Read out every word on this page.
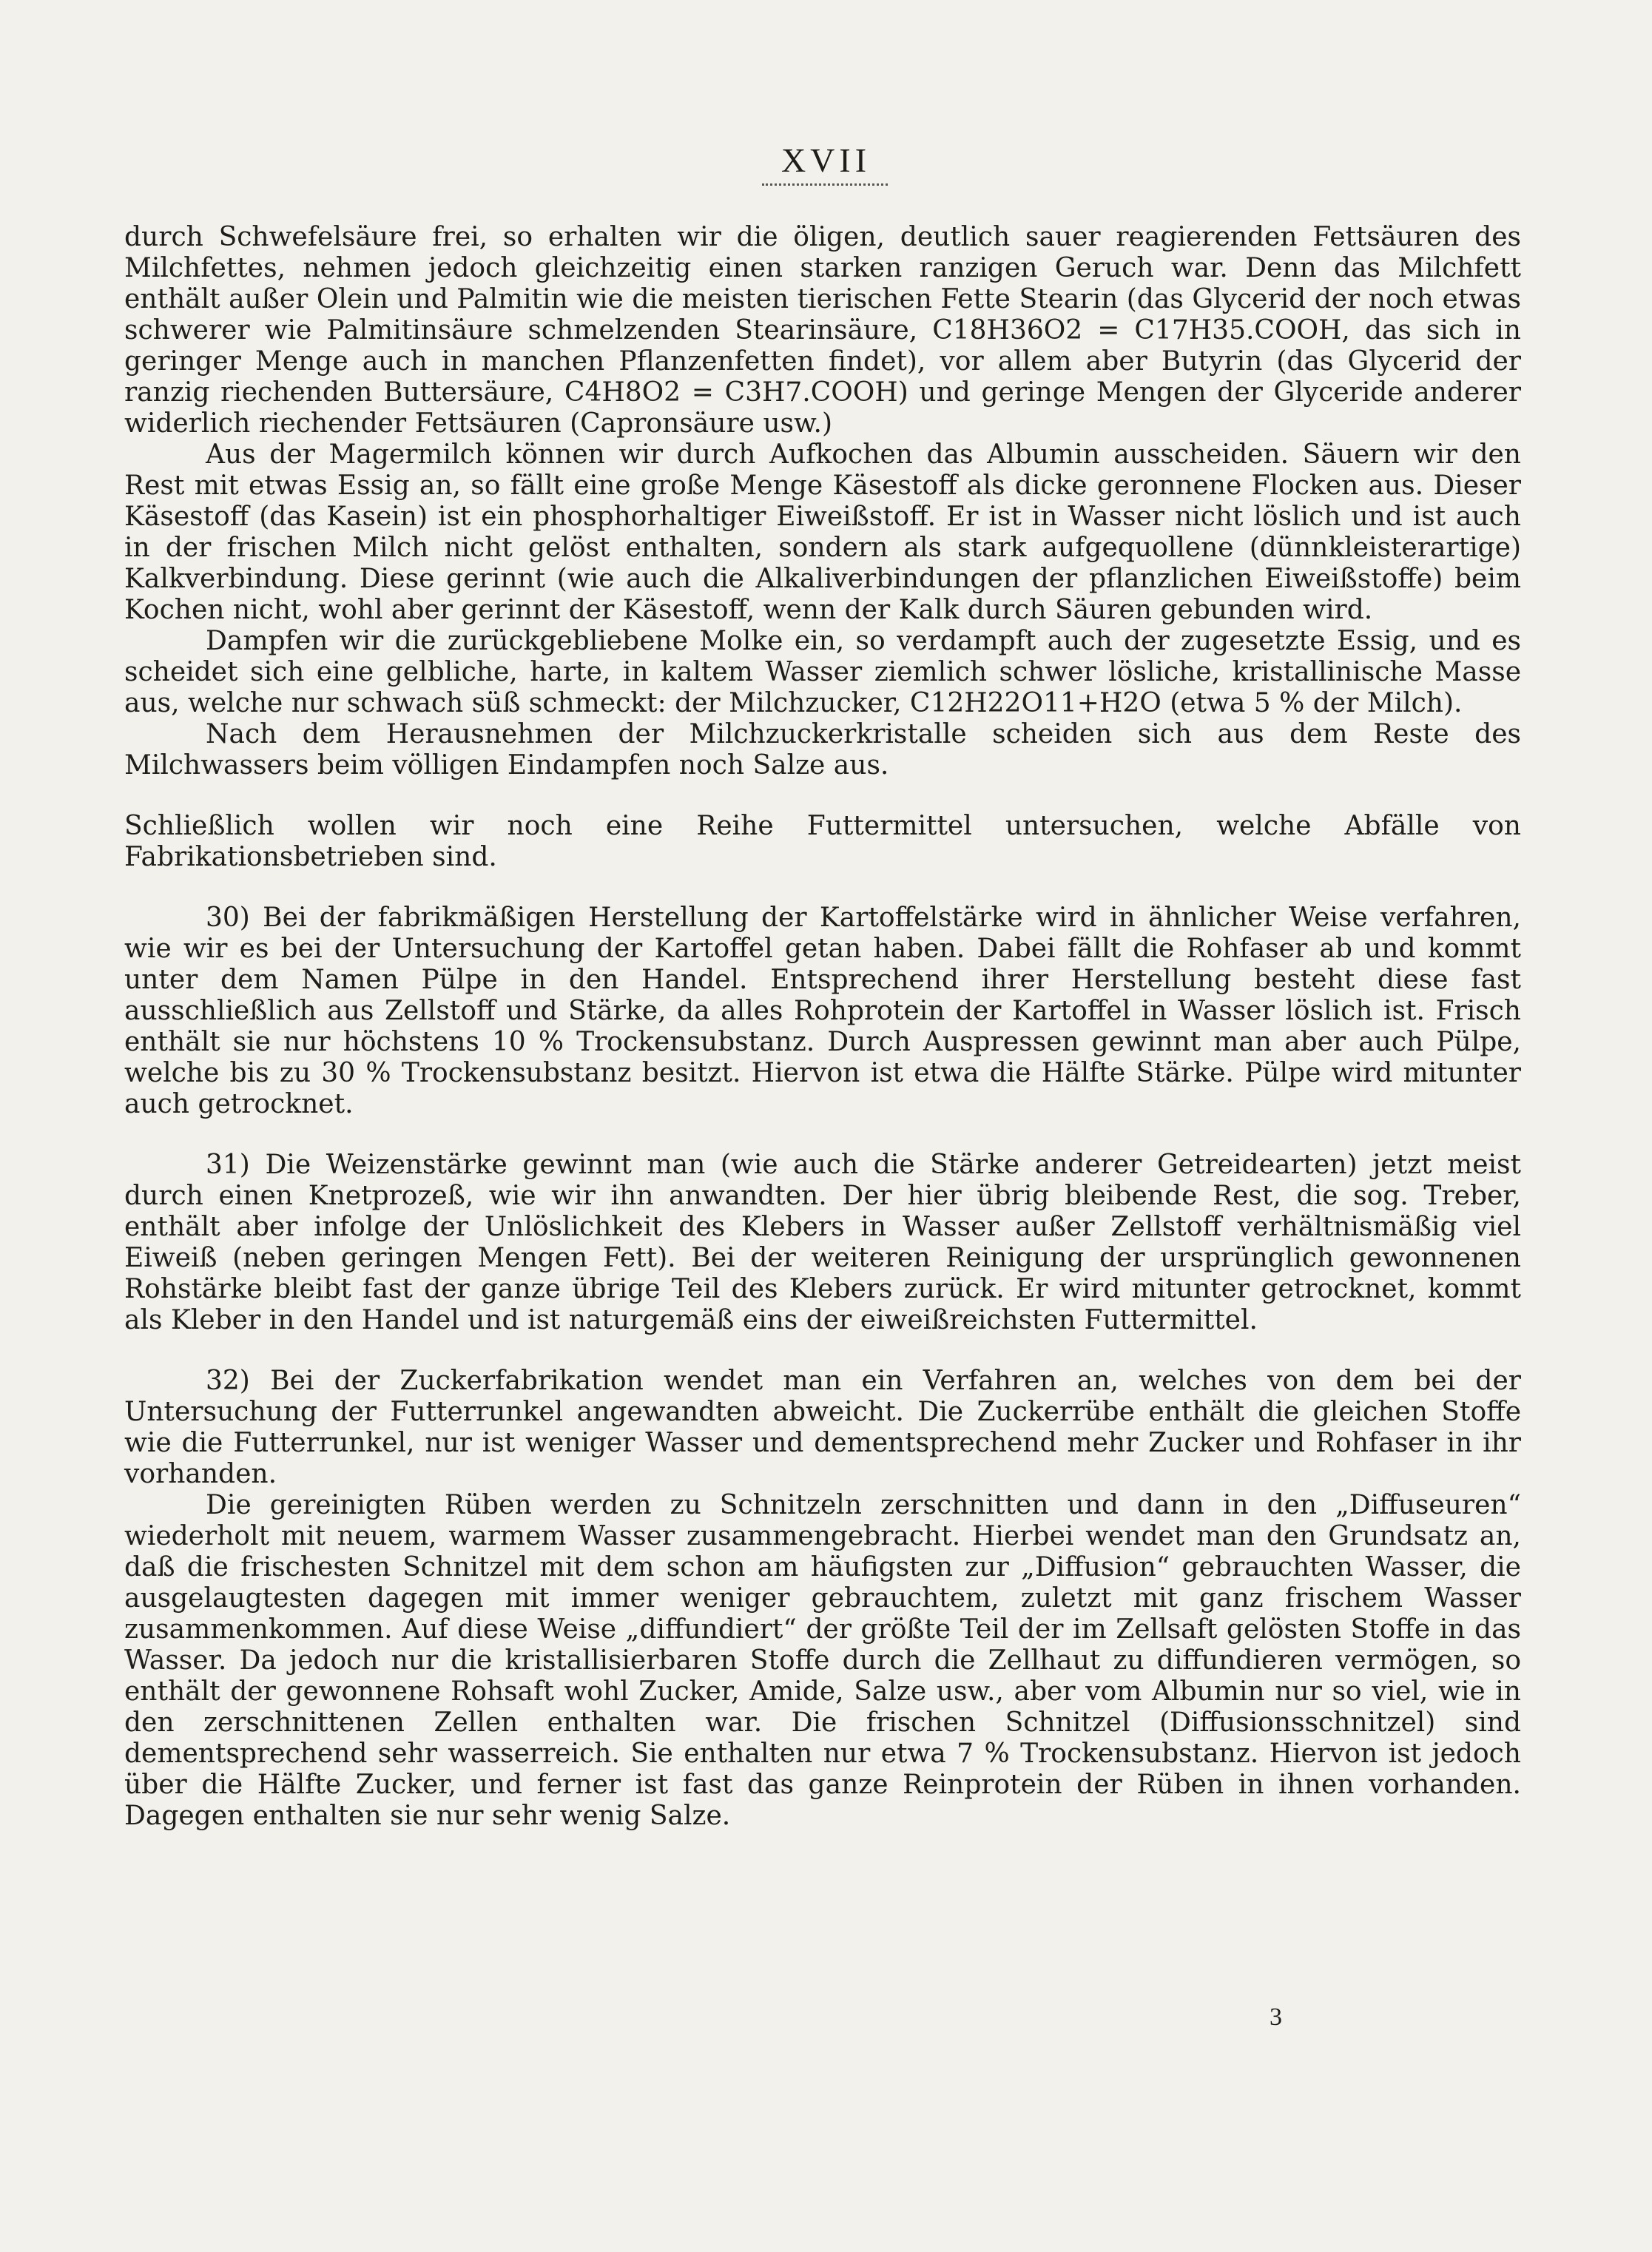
XVII

durch Schwefelsäure frei, so erhalten wir die öligen, deutlich sauer reagierenden Fettsäuren des Milchfettes, nehmen jedoch gleichzeitig einen starken ranzigen Geruch war. Denn das Milchfett enthält außer Olein und Palmitin wie die meisten tierischen Fette Stearin (das Glycerid der noch etwas schwerer wie Palmitinsäure schmelzenden Stearinsäure, C18H36O2 = C17H35.COOH, das sich in geringer Menge auch in manchen Pflanzenfetten findet), vor allem aber Butyrin (das Glycerid der ranzig riechenden Buttersäure, C4H8O2 = C3H7.COOH) und geringe Mengen der Glyceride anderer widerlich riechender Fettsäuren (Capronsäure usw.)

Aus der Magermilch können wir durch Aufkochen das Albumin ausscheiden. Säuern wir den Rest mit etwas Essig an, so fällt eine große Menge Käsestoff als dicke geronnene Flocken aus. Dieser Käsestoff (das Kasein) ist ein phosphorhaltiger Eiweißstoff. Er ist in Wasser nicht löslich und ist auch in der frischen Milch nicht gelöst enthalten, sondern als stark aufgequollene (dünnkleisterartige) Kalkverbindung. Diese gerinnt (wie auch die Alkaliverbindungen der pflanzlichen Eiweißstoffe) beim Kochen nicht, wohl aber gerinnt der Käsestoff, wenn der Kalk durch Säuren gebunden wird.

Dampfen wir die zurückgebliebene Molke ein, so verdampft auch der zugesetzte Essig, und es scheidet sich eine gelbliche, harte, in kaltem Wasser ziemlich schwer lösliche, kristallinische Masse aus, welche nur schwach süß schmeckt: der Milchzucker, C12H22O11+H2O (etwa 5 % der Milch).

Nach dem Herausnehmen der Milchzuckerkristalle scheiden sich aus dem Reste des Milchwassers beim völligen Eindampfen noch Salze aus.

Schließlich wollen wir noch eine Reihe Futtermittel untersuchen, welche Abfälle von Fabrikationsbetrieben sind.

30) Bei der fabrikmäßigen Herstellung der Kartoffelstärke wird in ähnlicher Weise verfahren, wie wir es bei der Untersuchung der Kartoffel getan haben. Dabei fällt die Rohfaser ab und kommt unter dem Namen Pülpe in den Handel. Entsprechend ihrer Herstellung besteht diese fast ausschließlich aus Zellstoff und Stärke, da alles Rohprotein der Kartoffel in Wasser löslich ist. Frisch enthält sie nur höchstens 10 % Trockensubstanz. Durch Auspressen gewinnt man aber auch Pülpe, welche bis zu 30 % Trockensubstanz besitzt. Hiervon ist etwa die Hälfte Stärke. Pülpe wird mitunter auch getrocknet.

31) Die Weizenstärke gewinnt man (wie auch die Stärke anderer Getreidearten) jetzt meist durch einen Knetprozeß, wie wir ihn anwandten. Der hier übrig bleibende Rest, die sog. Treber, enthält aber infolge der Unlöslichkeit des Klebers in Wasser außer Zellstoff verhältnismäßig viel Eiweiß (neben geringen Mengen Fett). Bei der weiteren Reinigung der ursprünglich gewonnenen Rohstärke bleibt fast der ganze übrige Teil des Klebers zurück. Er wird mitunter getrocknet, kommt als Kleber in den Handel und ist naturgemäß eins der eiweißreichsten Futtermittel.

32) Bei der Zuckerfabrikation wendet man ein Verfahren an, welches von dem bei der Untersuchung der Futterrunkel angewandten abweicht. Die Zuckerrübe enthält die gleichen Stoffe wie die Futterrunkel, nur ist weniger Wasser und dementsprechend mehr Zucker und Rohfaser in ihr vorhanden.

Die gereinigten Rüben werden zu Schnitzeln zerschnitten und dann in den „Diffuseuren“ wiederholt mit neuem, warmem Wasser zusammengebracht. Hierbei wendet man den Grundsatz an, daß die frischesten Schnitzel mit dem schon am häufigsten zur „Diffusion“ gebrauchten Wasser, die ausgelaugtesten dagegen mit immer weniger gebrauchtem, zuletzt mit ganz frischem Wasser zusammenkommen. Auf diese Weise „diffundiert“ der größte Teil der im Zellsaft gelösten Stoffe in das Wasser. Da jedoch nur die kristallisierbaren Stoffe durch die Zellhaut zu diffundieren vermögen, so enthält der gewonnene Rohsaft wohl Zucker, Amide, Salze usw., aber vom Albumin nur so viel, wie in den zerschnittenen Zellen enthalten war. Die frischen Schnitzel (Diffusionsschnitzel) sind dementsprechend sehr wasserreich. Sie enthalten nur etwa 7 % Trockensubstanz. Hiervon ist jedoch über die Hälfte Zucker, und ferner ist fast das ganze Reinprotein der Rüben in ihnen vorhanden. Dagegen enthalten sie nur sehr wenig Salze.

3
